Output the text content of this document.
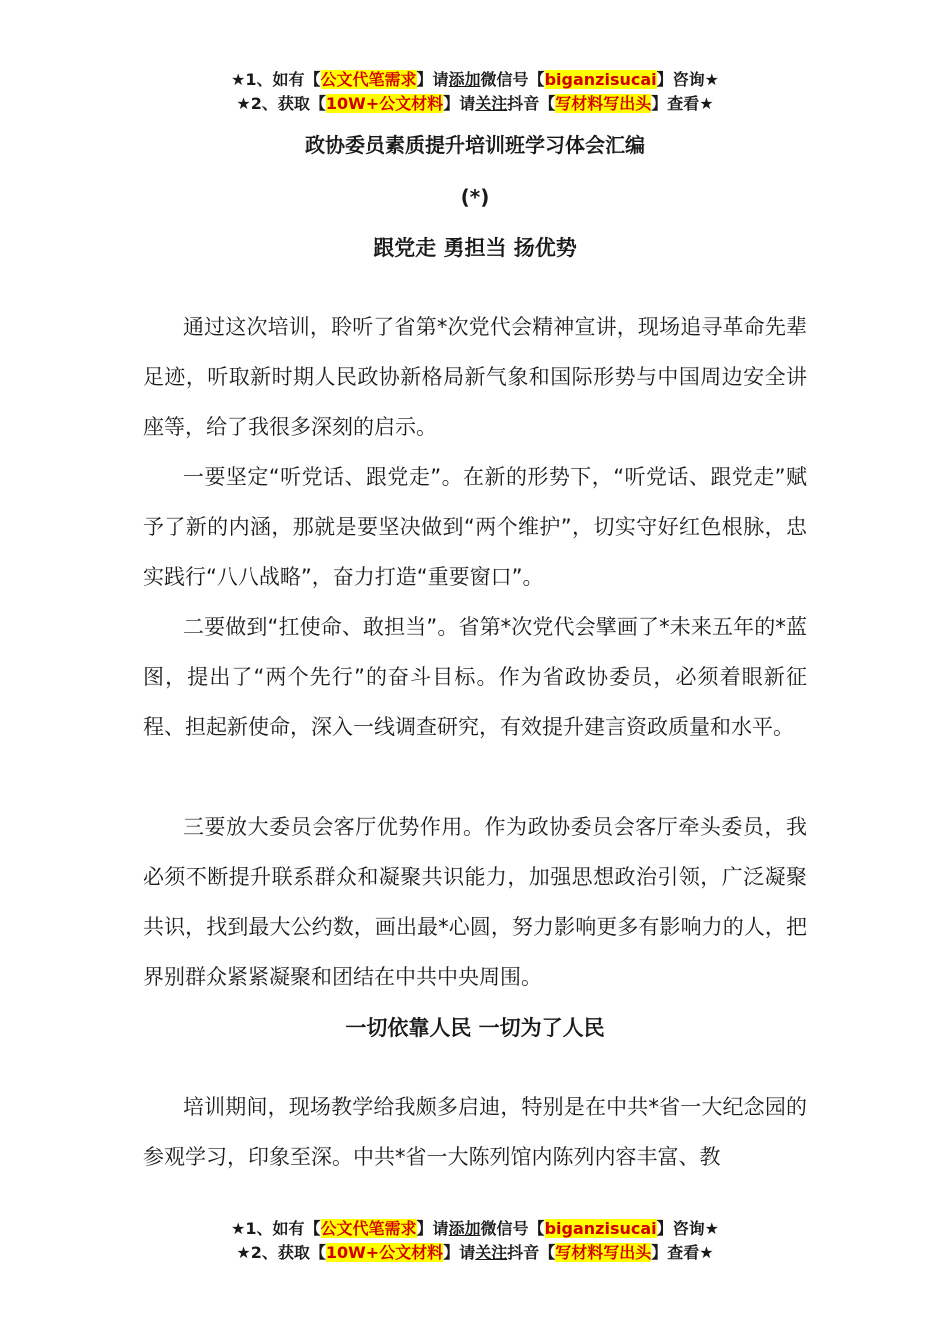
★1、如有【公文代笔需求】请添加微信号【biganzisucai】咨询★
★2、获取【10W+公文材料】请关注抖音【写材料写出头】查看★
政协委员素质提升培训班学习体会汇编
(*)
跟党走 勇担当 扬优势

通过这次培训，聆听了省第*次党代会精神宣讲，现场追寻革命先辈足迹，听取新时期人民政协新格局新气象和国际形势与中国周边安全讲座等，给了我很多深刻的启示。

一要坚定“听党话、跟党走”。在新的形势下，“听党话、跟党走”赋予了新的内涵，那就是要坚决做到“两个维护”，切实守好红色根脉，忠实践行“八八战略”，奋力打造“重要窗口”。

二要做到“扛使命、敢担当”。省第*次党代会擘画了*未来五年的*蓝图，提出了“两个先行”的奋斗目标。作为省政协委员，必须着眼新征程、担起新使命，深入一线调查研究，有效提升建言资政质量和水平。

三要放大委员会客厅优势作用。作为政协委员会客厅牵头委员，我必须不断提升联系群众和凝聚共识能力，加强思想政治引领，广泛凝聚共识，找到最大公约数，画出最*心圆，努力影响更多有影响力的人，把界别群众紧紧凝聚和团结在中共中央周围。

一切依靠人民 一切为了人民

培训期间，现场教学给我颇多启迪，特别是在中共*省一大纪念园的参观学习，印象至深。中共*省一大陈列馆内陈列内容丰富、教

★1、如有【公文代笔需求】请添加微信号【biganzisucai】咨询★
★2、获取【10W+公文材料】请关注抖音【写材料写出头】查看★
